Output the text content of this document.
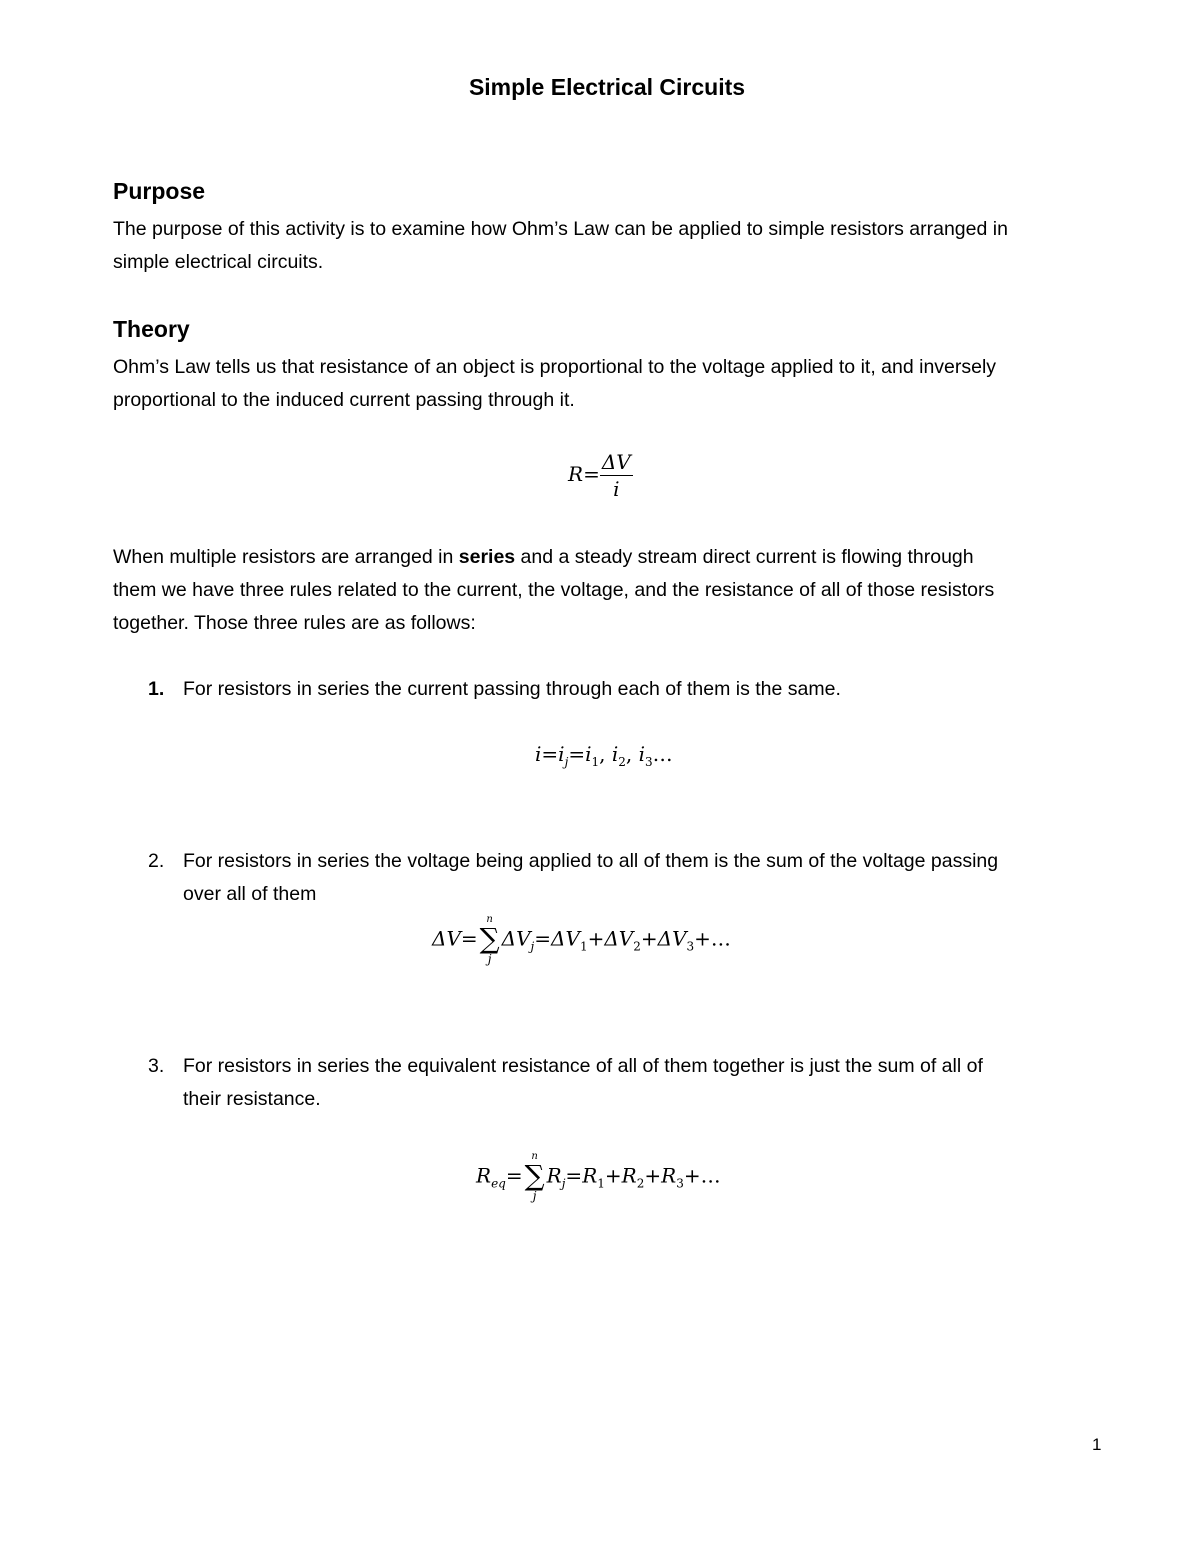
Simple Electrical Circuits
Purpose
The purpose of this activity is to examine how Ohm’s Law can be applied to simple resistors arranged in
simple electrical circuits.
Theory
Ohm’s Law tells us that resistance of an object is proportional to the voltage applied to it, and inversely
proportional to the induced current passing through it.
$R= \frac{\Delta V}{i}$
When multiple resistors are arranged in series and a steady stream direct current is flowing through
them we have three rules related to the current, the voltage, and the resistance of all of those resistors
together. Those three rules are as follows:
1. For resistors in series the current passing through each of them is the same.
$i=i_j=i_1$, $i_2$, $i_3\dots$
2. For resistors in series the voltage being applied to all of them is the sum of the voltage passing
over all of them
ΔV=
n
∑
j
$\Delta V_j=\Delta V_1+\Delta V_2+\Delta V_3+\dots$
3. For resistors in series the equivalent resistance of all of them together is just the sum of all of
their resistance.
$R_{eq}=$
n
∑
j
$R_j=R_1+R_2+R_3+\dots$
1
